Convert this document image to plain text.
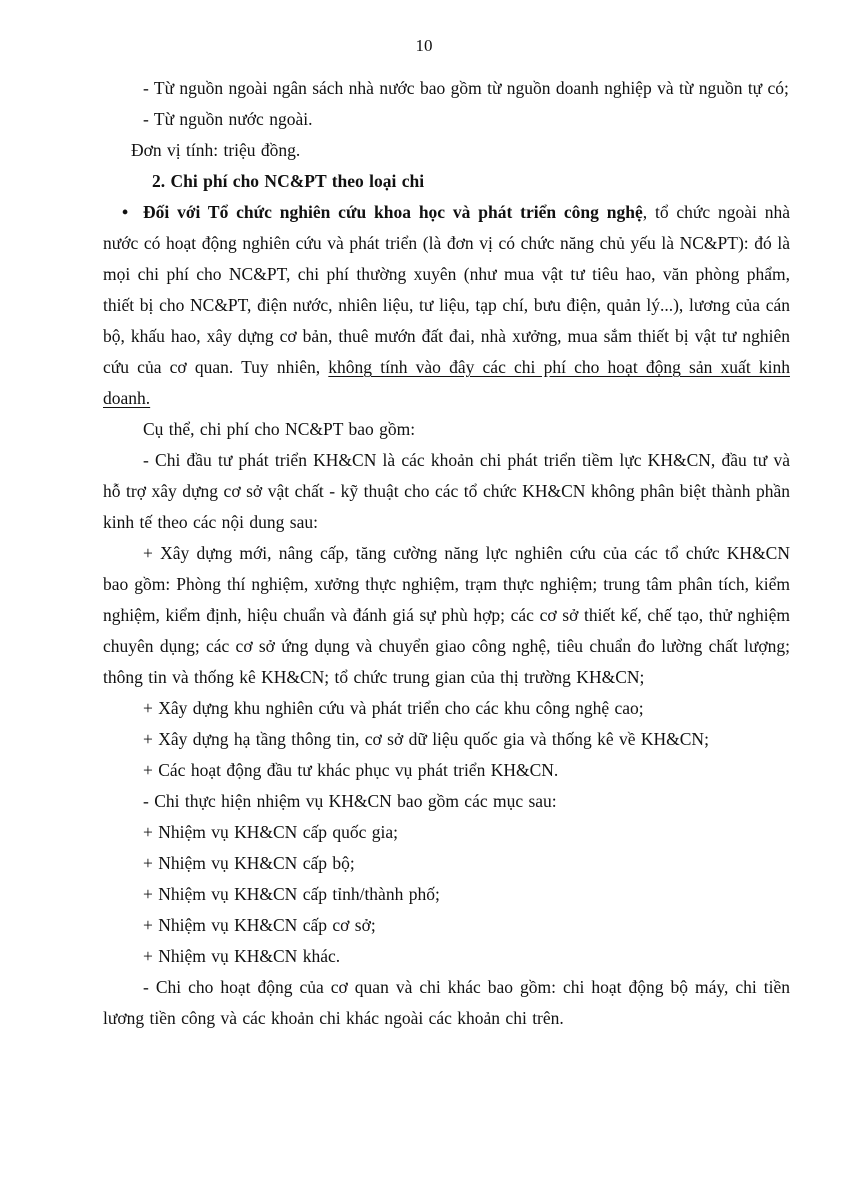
10

- Từ nguồn ngoài ngân sách nhà nước bao gồm từ nguồn doanh nghiệp và từ nguồn tự có;

- Từ nguồn nước ngoài.

Đơn vị tính: triệu đồng.

2. Chi phí cho NC&PT theo loại chi

• Đối với Tổ chức nghiên cứu khoa học và phát triển công nghệ, tổ chức ngoài nhà nước có hoạt động nghiên cứu và phát triển (là đơn vị có chức năng chủ yếu là NC&PT): đó là mọi chi phí cho NC&PT, chi phí thường xuyên (như mua vật tư tiêu hao, văn phòng phẩm, thiết bị cho NC&PT, điện nước, nhiên liệu, tư liệu, tạp chí, bưu điện, quản lý...), lương của cán bộ, khấu hao, xây dựng cơ bản, thuê mướn đất đai, nhà xưởng, mua sắm thiết bị vật tư nghiên cứu của cơ quan. Tuy nhiên, không tính vào đây các chi phí cho hoạt động sản xuất kinh doanh.

Cụ thể, chi phí cho NC&PT bao gồm:

- Chi đầu tư phát triển KH&CN là các khoản chi phát triển tiềm lực KH&CN, đầu tư và hỗ trợ xây dựng cơ sở vật chất - kỹ thuật cho các tổ chức KH&CN không phân biệt thành phần kinh tế theo các nội dung sau:

+ Xây dựng mới, nâng cấp, tăng cường năng lực nghiên cứu của các tổ chức KH&CN bao gồm: Phòng thí nghiệm, xưởng thực nghiệm, trạm thực nghiệm; trung tâm phân tích, kiểm nghiệm, kiểm định, hiệu chuẩn và đánh giá sự phù hợp; các cơ sở thiết kế, chế tạo, thử nghiệm chuyên dụng; các cơ sở ứng dụng và chuyển giao công nghệ, tiêu chuẩn đo lường chất lượng; thông tin và thống kê KH&CN; tổ chức trung gian của thị trường KH&CN;

+ Xây dựng khu nghiên cứu và phát triển cho các khu công nghệ cao;

+ Xây dựng hạ tầng thông tin, cơ sở dữ liệu quốc gia và thống kê về KH&CN;

+ Các hoạt động đầu tư khác phục vụ phát triển KH&CN.

- Chi thực hiện nhiệm vụ KH&CN bao gồm các mục sau:

+ Nhiệm vụ KH&CN cấp quốc gia;

+ Nhiệm vụ KH&CN cấp bộ;

+ Nhiệm vụ KH&CN cấp tỉnh/thành phố;

+ Nhiệm vụ KH&CN cấp cơ sở;

+ Nhiệm vụ KH&CN khác.

- Chi cho hoạt động của cơ quan và chi khác bao gồm: chi hoạt động bộ máy, chi tiền lương tiền công và các khoản chi khác ngoài các khoản chi trên.
